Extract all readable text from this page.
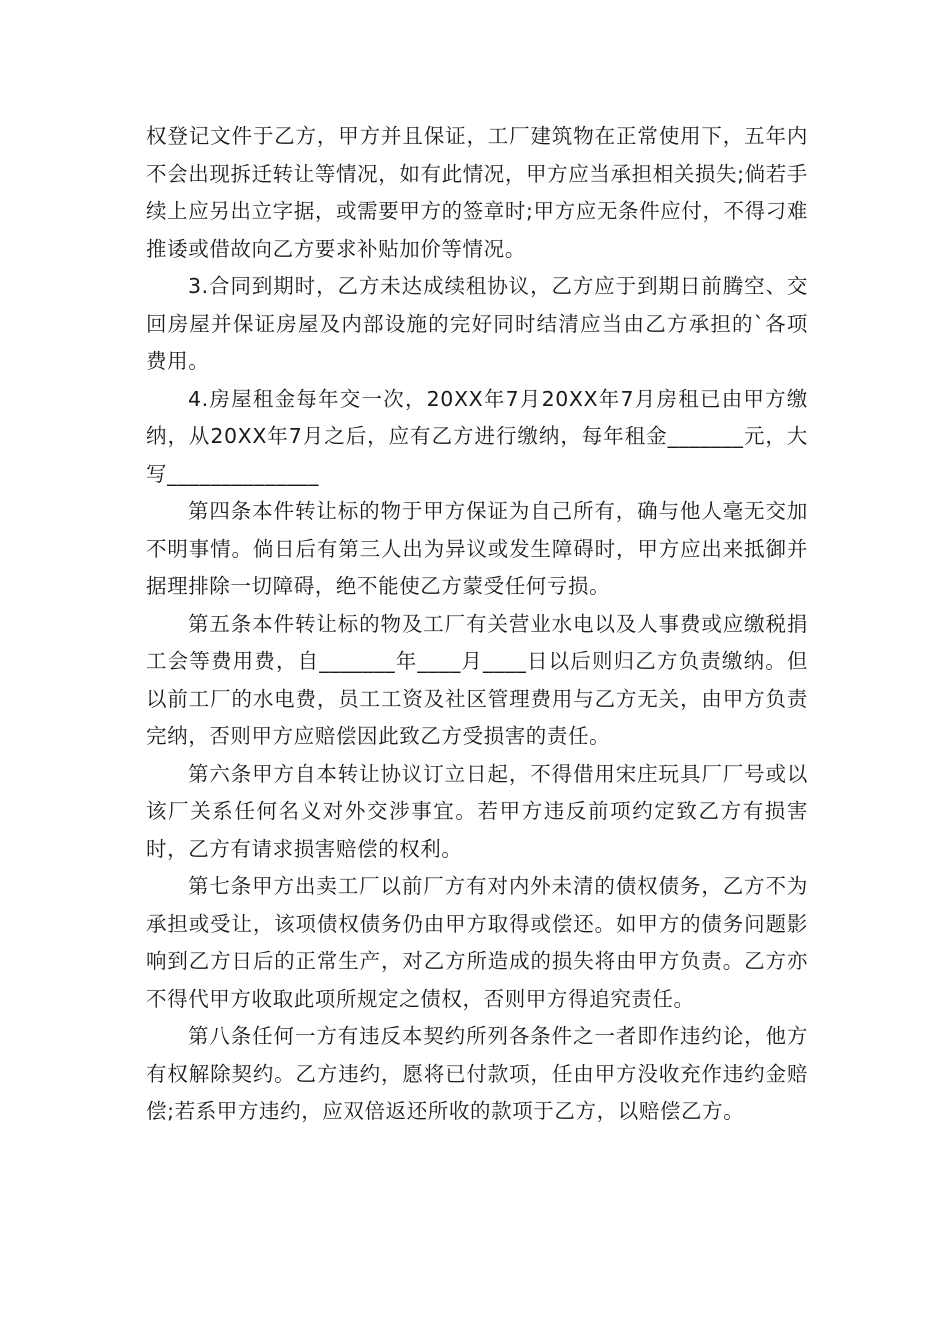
权登记文件于乙方，甲方并且保证，工厂建筑物在正常使用下，五年内不会出现拆迁转让等情况，如有此情况，甲方应当承担相关损失;倘若手续上应另出立字据，或需要甲方的签章时;甲方应无条件应付，不得刁难推诿或借故向乙方要求补贴加价等情况。

3.合同到期时，乙方未达成续租协议，乙方应于到期日前腾空、交回房屋并保证房屋及内部设施的完好同时结清应当由乙方承担的`各项费用。

4.房屋租金每年交一次，20XX年7月20XX年7月房租已由甲方缴纳，从20XX年7月之后，应有乙方进行缴纳，每年租金_______元，大写______________

第四条本件转让标的物于甲方保证为自己所有，确与他人毫无交加不明事情。倘日后有第三人出为异议或发生障碍时，甲方应出来抵御并据理排除一切障碍，绝不能使乙方蒙受任何亏损。

第五条本件转让标的物及工厂有关营业水电以及人事费或应缴税捐工会等费用费，自_______年____月____日以后则归乙方负责缴纳。但以前工厂的水电费，员工工资及社区管理费用与乙方无关，由甲方负责完纳，否则甲方应赔偿因此致乙方受损害的责任。

第六条甲方自本转让协议订立日起，不得借用宋庄玩具厂厂号或以该厂关系任何名义对外交涉事宜。若甲方违反前项约定致乙方有损害时，乙方有请求损害赔偿的权利。

第七条甲方出卖工厂以前厂方有对内外未清的债权债务，乙方不为承担或受让，该项债权债务仍由甲方取得或偿还。如甲方的债务问题影响到乙方日后的正常生产，对乙方所造成的损失将由甲方负责。乙方亦不得代甲方收取此项所规定之债权，否则甲方得追究责任。

第八条任何一方有违反本契约所列各条件之一者即作违约论，他方有权解除契约。乙方违约，愿将已付款项，任由甲方没收充作违约金赔偿;若系甲方违约，应双倍返还所收的款项于乙方，以赔偿乙方。
